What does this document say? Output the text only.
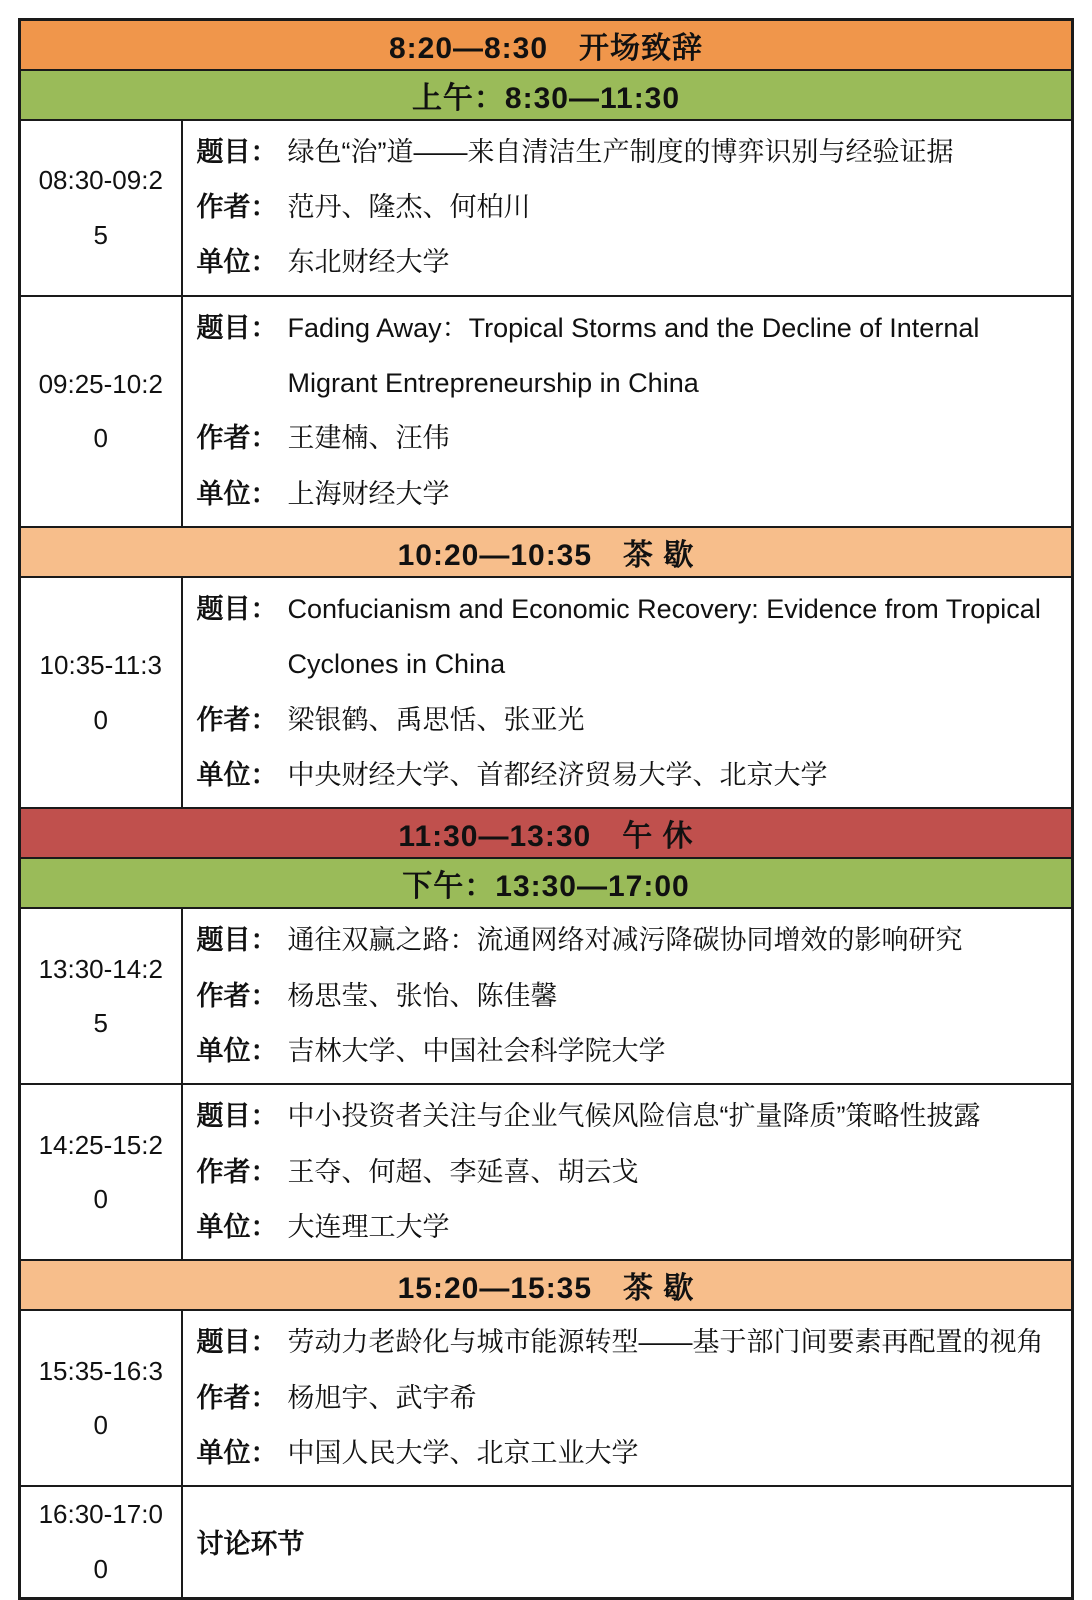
8:20—8:30　开场致辞	
上午：8:30—11:30	
08:30-09:25	
题目： 绿色“治”道——来自清洁生产制度的博弈识别与经验证据
作者： 范丹、隆杰、何柏川
单位： 东北财经大学

09:25-10:20	
题目： Fading Away：Tropical Storms and the Decline of Internal Migrant Entrepreneurship in China
作者： 王建楠、汪伟
单位： 上海财经大学

10:20—10:35　茶 歇	
10:35-11:30	
题目： Confucianism and Economic Recovery: Evidence from Tropical Cyclones in China
作者： 梁银鹤、禹思恬、张亚光
单位： 中央财经大学、首都经济贸易大学、北京大学

11:30—13:30　午 休	
下午：13:30—17:00	
13:30-14:25	
题目： 通往双赢之路：流通网络对减污降碳协同增效的影响研究
作者： 杨思莹、张怡、陈佳馨
单位： 吉林大学、中国社会科学院大学

14:25-15:20	
题目： 中小投资者关注与企业气候风险信息“扩量降质”策略性披露
作者： 王夺、何超、李延喜、胡云戈
单位： 大连理工大学

15:20—15:35　茶 歇	
15:35-16:30	
题目： 劳动力老龄化与城市能源转型——基于部门间要素再配置的视角
作者： 杨旭宇、武宇希
单位： 中国人民大学、北京工业大学

16:30-17:00	讨论环节
